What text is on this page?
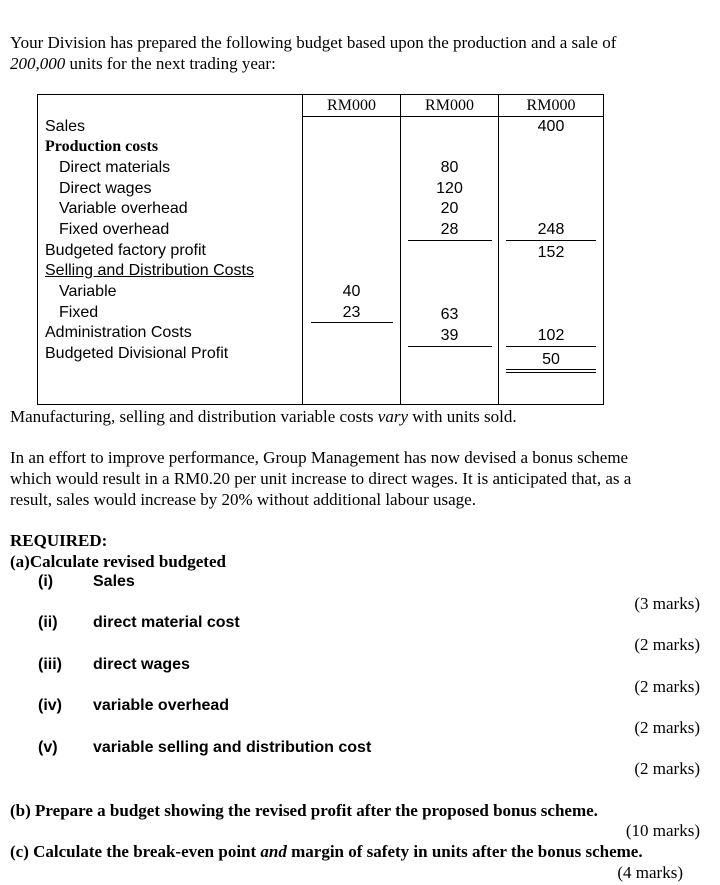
Your Division has prepared the following budget based upon the production and a sale of
200,000 units for the next trading year:
RM000	RM000	RM000
Sales
Production costs
Direct materials
Direct wages
Variable overhead
Fixed overhead
Budgeted factory profit
Selling and Distribution Costs
Variable
Fixed
Administration Costs
Budgeted Divisional Profit
40
23
80
120
20
28
63
39
400
248
152
102
50
Manufacturing, selling and distribution variable costs vary with units sold.
In an effort to improve performance, Group Management has now devised a bonus scheme
which would result in a RM0.20 per unit increase to direct wages. It is anticipated that, as a
result, sales would increase by 20% without additional labour usage.
REQUIRED:
(a)Calculate revised budgeted
(i) Sales
(3 marks)
(ii) direct material cost
(2 marks)
(iii) direct wages
(2 marks)
(iv) variable overhead
(2 marks)
(v) variable selling and distribution cost
(2 marks)
(b) Prepare a budget showing the revised profit after the proposed bonus scheme.
(10 marks)
(c) Calculate the break-even point and margin of safety in units after the bonus scheme.
(4 marks)
